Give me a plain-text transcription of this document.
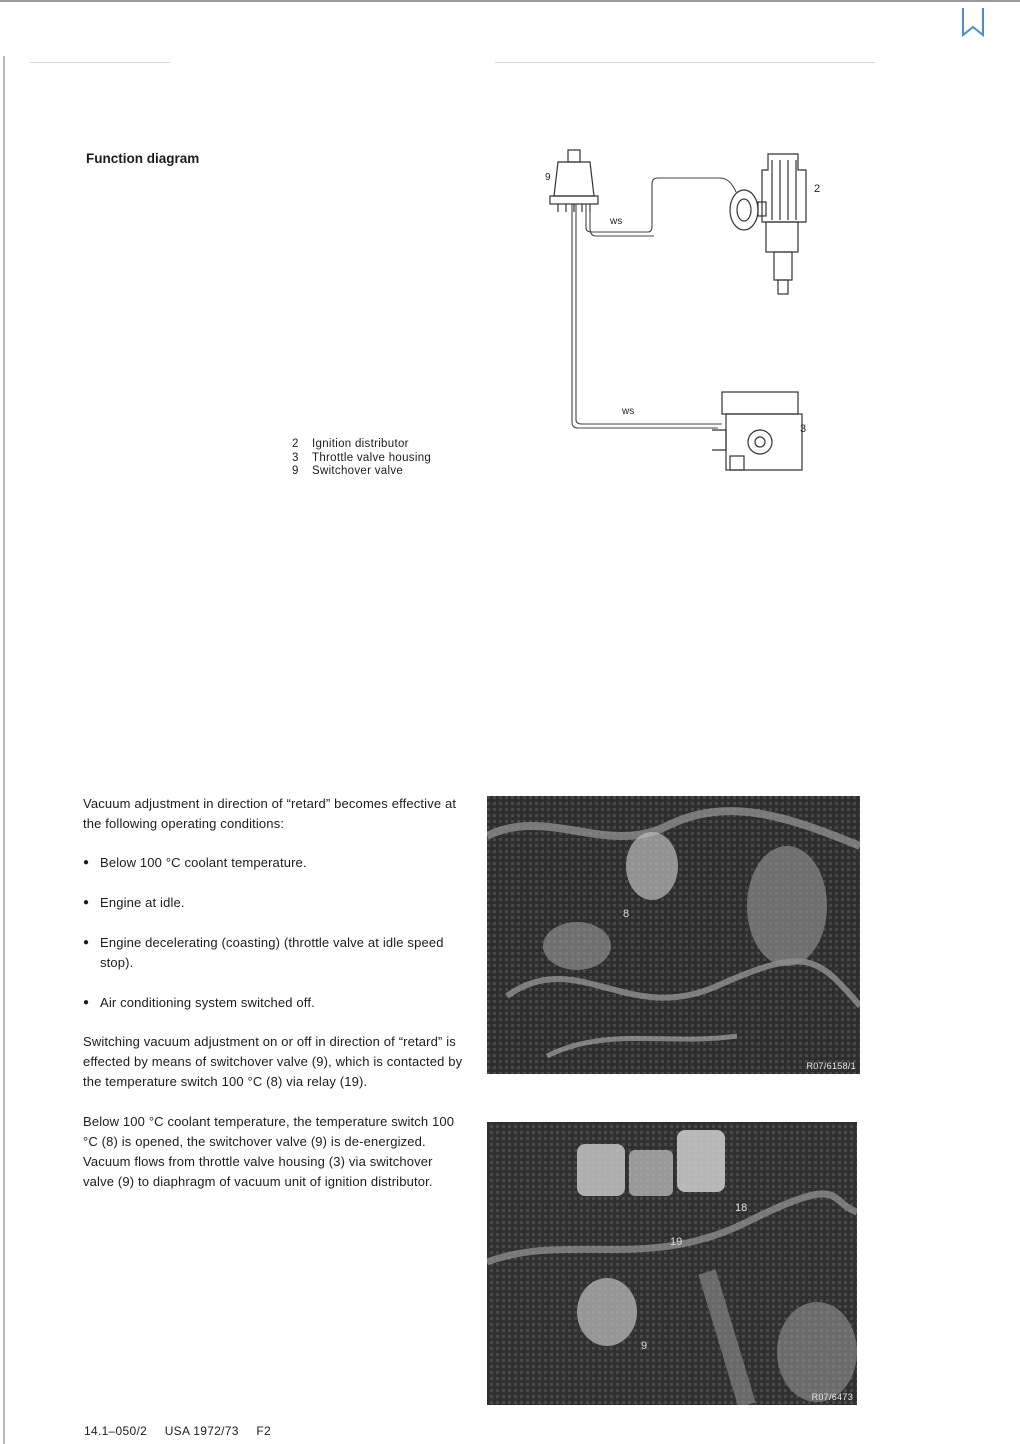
Function diagram
9
ws
ws
2
3
2	Ignition distributor
3	Throttle valve housing
9	Switchover valve

Vacuum adjustment in direction of “retard” becomes effective at the following operating conditions:

● Below 100 °C coolant temperature.
● Engine at idle.
● Engine decelerating (coasting) (throttle valve at idle speed stop).
● Air conditioning system switched off.

Switching vacuum adjustment on or off in direction of “retard” is effected by means of switchover valve (9), which is contacted by the temperature switch 100 °C (8) via relay (19).

Below 100 °C coolant temperature, the temperature switch 100 °C (8) is opened, the switchover valve (9) is de-energized. Vacuum flows from throttle valve housing (3) via switchover valve (9) to diaphragm of vacuum unit of ignition distributor.

8
R07/6158/1
19
18
9
R07/6473
14.1–050/2 USA 1972/73 F2
